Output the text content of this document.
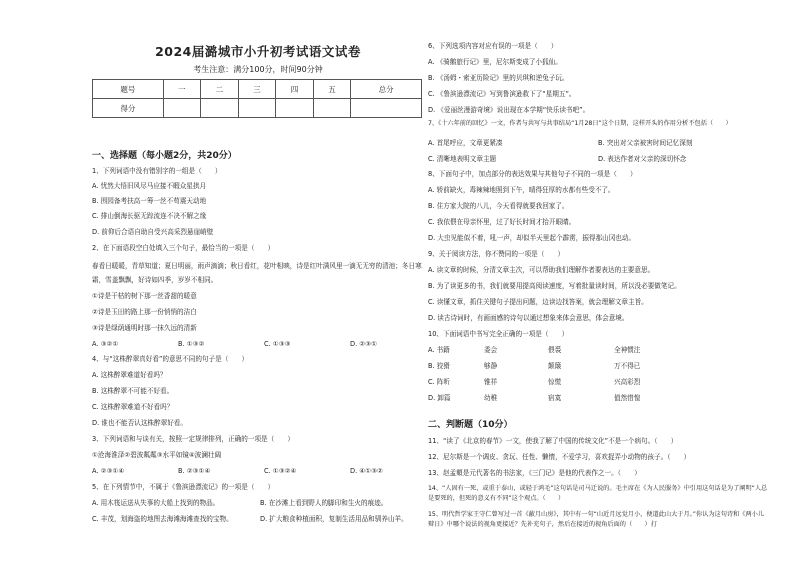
2024届潞城市小升初考试语文试卷
考生注意：满分100分，时间90分钟
题号	一	二	三	四	五	总分
得分						
一、选择题（每小题2分，共20分）
1、下列词语中没有错别字的一组是（　　）
A. 忧然大悟旧风尽马应接不暇众星拱月
B. 围园备考扶高一筹一丝不苟震天动地
C. 排山倒海长驱无踪流连不决不解之缘
D. 前仰后合语自助自受兴高采烈悬崖峭壁
2、在下面语段空白处填入三个句子，最恰当的一项是（　　）
春看日暖暖，青草知道；夏日明丽，雨声滴滴；秋日看红，花叶相映，诗是红叶满风里一滴无无穷的清池；冬日寒霜，雪盖飘飘，好诗如四季，岁岁不相同。
①诗是干枯的树下那一丝香甜的暖意
②诗是玉田的路上那一份悄悄的洁白
③诗是绿荫通明时那一抹久远的清新
A. ③②①	B. ①③②	C. ①③③	D. ②③①
4、与“这株醉翠真好看”的意思不同的句子是（　　）
A. 这株醉翠难道好看吗？
B. 这株醉翠不可能不好看。
C. 这株醉翠难道不好看吗？
D. 谁也不能否认这株醉翠好看。
3、下列词语和与谈有关，按照一定规律排列，正确的一项是（　　）
①沧海淮泽②碧波粼粼③水平如镜④波澜壮阔
A. ②③①④	B. ②③①④	C. ①③②④	D. ④①③②
5、在下列情节中，不属于《鲁滨逊漂流记》的一项是（　　）
A. 用木筏运送从失事的大船上找到的物品。	B. 在沙滩上看到野人的脚印和生火的痕迹。
C. 丰茂，划海盗的地图去海滩海滩查找的宝物。	D. 扩大粮食种植面积，复制生活用品和驯养山羊。
6、下列选项内容对应有误的一项是（　　）
A. 《骑鹅旅行记》里，尼尔斯变成了小狐仙。
B. 《汤姆・索亚历险记》里的贝琪和逆兔子玩。
C. 《鲁滨逊漂流记》写到鲁滨逊救下了“星期五”。
D. 《爱丽丝漫游奇境》说出现在本学期“快乐读书吧”。
7、《十六年前的回忆》一文，作者与共写与共事结局“1月28日”这个日期，这样开头的作用分析不包括（　　）
A. 首尾呼应，文章更紧凑	B. 突出对父亲被害时间记忆深刻
C. 清晰地表明文章主题	D. 表达作者对父亲的深切怀念
8、下面句子中，加点部分的表达效果与其他句子不同的一项是（　　）
A. 轿前缺火，毒辣辣地照到下午，晴得狂厚的水都有些受不了。
B. 住方家大院的八儿，今天看得就要我回家了。
C. 我依偎在母亲怀里，过了好长时间才抬开眼睛。
D. 大虫见能似不着，吼一声，却似半天里起个霹雳，振得那山冈也动。
9、关于阅读方法，你不赞同的一项是（　　）
A. 读文章的时候，分清文章主次，可以帮助我们理解作者要表达的主要意思。
B. 为了读更多的书，我们就要用提高阅读速度，写着批量读时间，所以没必要做笔记。
C. 读懂文章，抓住关键句子提出问题，边读边找答案，就会理解文章主旨。
D. 读古诗词时，有画面感的诗句以通过想象来体会意思，体会意境。
10、下面词语中书写完全正确的一项是（　　）
A. 书籍	委会	偎裘	全神惯注
B. 狡猾	够静	颠簸	万不得已
C. 阵昕	锥祥	惊慌	兴高彩烈
D. 卸篇	幼稚	宿寞	值然惜惶
二、判断题（10分）
11、“读了《北京的春节》一文，使我了解了中国的传统文化”不是一个病句。（　　）
12、尼尔斯是一个调皮、贪玩、任性、懒惰，不爱学习，喜欢捉弄小动物的孩子。（　　）
13、赵孟頫是元代著名的书法家，《三门记》是他的代表作之一。（　　）
14、“人固有一死，或重于泰山，或轻于鸿毛”这句话是司马迁说的。毛主席在《为人民服务》中引用这句话是为了阐明“人总是要死的，但死的意义有不同”这个观点。（　　）
15、明代哲学家王守仁曾写过一首《蔽月山房》，其中有一句“山近月远觉月小，便道此山大于月。”你认为这句诗和《两小儿辩日》中哪个说法的视角更接近？先补充句子，然后在接近的视角后面的（　　）打
